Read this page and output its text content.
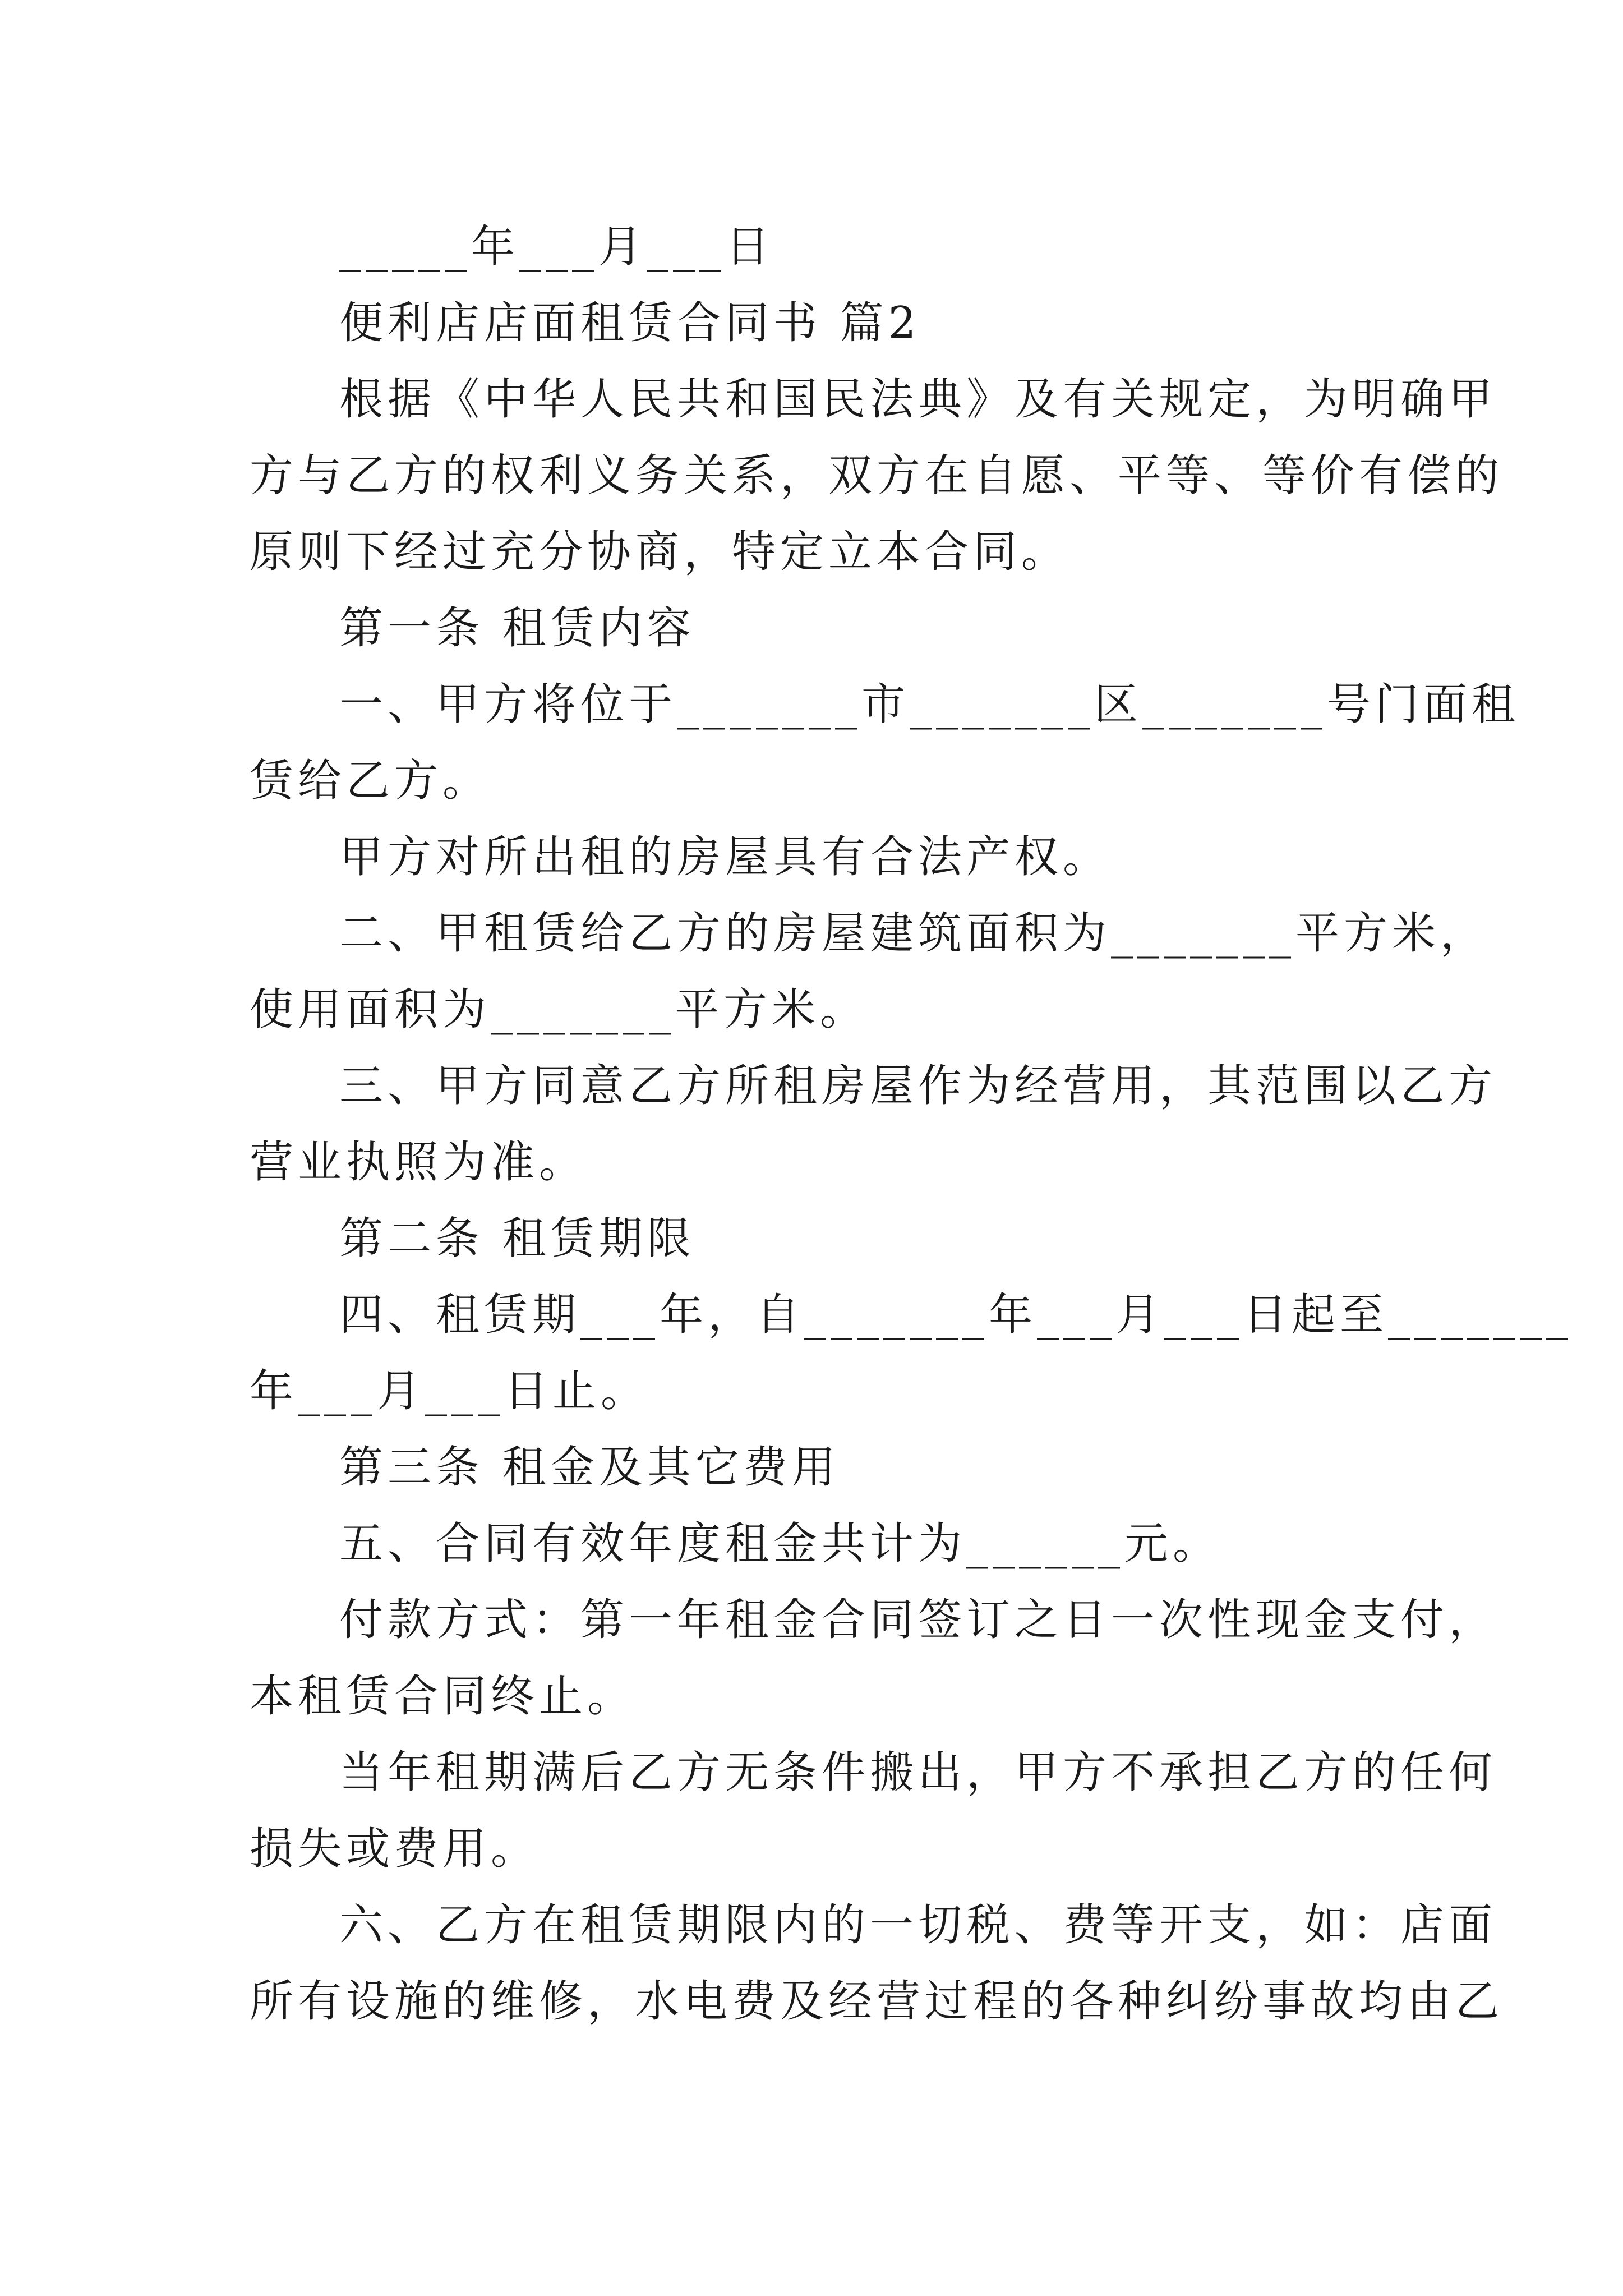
_____年___月___日
便利店店面租赁合同书 篇2
根据《中华人民共和国民法典》及有关规定，为明确甲
方与乙方的权利义务关系，双方在自愿、平等、等价有偿的
原则下经过充分协商，特定立本合同。
第一条 租赁内容
一、甲方将位于_______市_______区_______号门面租
赁给乙方。
甲方对所出租的房屋具有合法产权。
二、甲租赁给乙方的房屋建筑面积为_______平方米，
使用面积为_______平方米。
三、甲方同意乙方所租房屋作为经营用，其范围以乙方
营业执照为准。
第二条 租赁期限
四、租赁期___年，自_______年___月___日起至_______
年___月___日止。
第三条 租金及其它费用
五、合同有效年度租金共计为______元。
付款方式：第一年租金合同签订之日一次性现金支付，
本租赁合同终止。
当年租期满后乙方无条件搬出，甲方不承担乙方的任何
损失或费用。
六、乙方在租赁期限内的一切税、费等开支，如：店面
所有设施的维修，水电费及经营过程的各种纠纷事故均由乙
